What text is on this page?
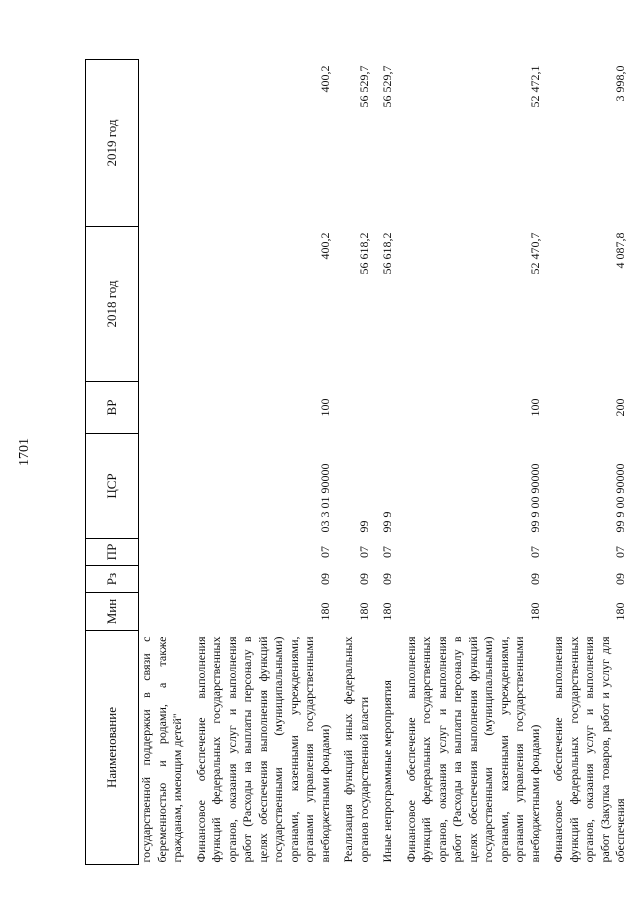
1701
Наименование	Мин	Рз	ПР	ЦСР	ВР	2018 год	2019 год
государственной поддержки в связи с беременностью и родами, а также гражданам, имеющим детей"							
Финансовое обеспечение выполнения функций федеральных государственных органов, оказания услуг и выполнения работ (Расходы на выплаты персоналу в целях обеспечения выполнения функций государственными (муниципальными) органами, казенными учреждениями, органами управления государственными внебюджетными фондами)	180	09	07	03 3 01 90000	100	400,2	400,2
Реализация функций иных федеральных органов государственной власти	180	09	07	99		56 618,2	56 529,7
Иные непрограммные мероприятия	180	09	07	99 9		56 618,2	56 529,7
Финансовое обеспечение выполнения функций федеральных государственных органов, оказания услуг и выполнения работ (Расходы на выплаты персоналу в целях обеспечения выполнения функций государственными (муниципальными) органами, казенными учреждениями, органами управления государственными внебюджетными фондами)	180	09	07	99 9 00 90000	100	52 470,7	52 472,1
Финансовое обеспечение выполнения функций федеральных государственных органов, оказания услуг и выполнения работ (Закупка товаров, работ и услуг для обеспечения	180	09	07	99 9 00 90000	200	4 087,8	3 998,0
